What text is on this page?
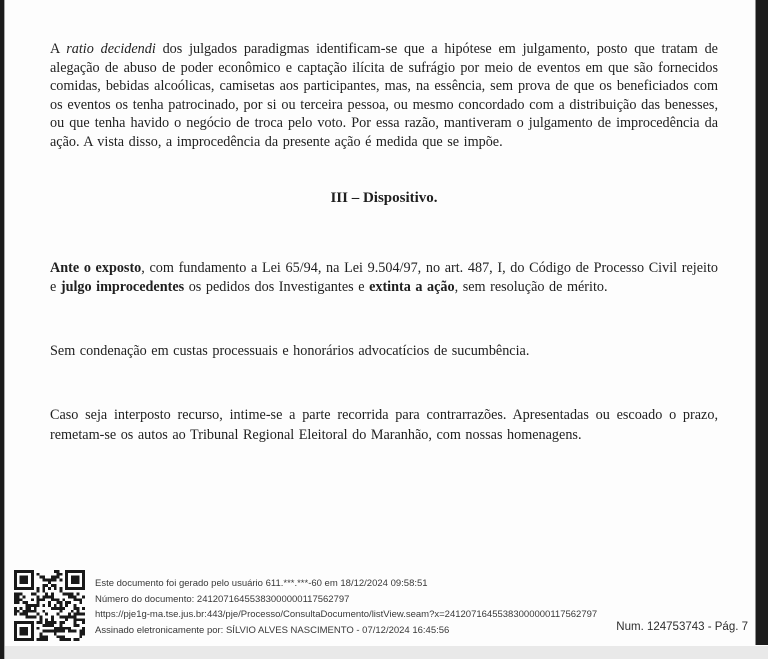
A ratio decidendi dos julgados paradigmas identificam-se que a hipótese em julgamento, posto que tratam de alegação de abuso de poder econômico e captação ilícita de sufrágio por meio de eventos em que são fornecidos comidas, bebidas alcoólicas, camisetas aos participantes, mas, na essência, sem prova de que os beneficiados com os eventos os tenha patrocinado, por si ou terceira pessoa, ou mesmo concordado com a distribuição das benesses, ou que tenha havido o negócio de troca pelo voto. Por essa razão, mantiveram o julgamento de improcedência da ação. A vista disso, a improcedência da presente ação é medida que se impõe.

III – Dispositivo.

Ante o exposto, com fundamento a Lei 65/94, na Lei 9.504/97, no art. 487, I, do Código de Processo Civil rejeito e julgo improcedentes os pedidos dos Investigantes e extinta a ação, sem resolução de mérito.

Sem condenação em custas processuais e honorários advocatícios de sucumbência.

Caso seja interposto recurso, intime-se a parte recorrida para contrarrazões. Apresentadas ou escoado o prazo, remetam-se os autos ao Tribunal Regional Eleitoral do Maranhão, com nossas homenagens.

Este documento foi gerado pelo usuário 611.***.***-60 em 18/12/2024 09:58:51
Número do documento: 24120716455383000000117562797
https://pje1g-ma.tse.jus.br:443/pje/Processo/ConsultaDocumento/listView.seam?x=24120716455383000000117562797
Assinado eletronicamente por: SÍLVIO ALVES NASCIMENTO - 07/12/2024 16:45:56	Num. 124753743 - Pág. 7
